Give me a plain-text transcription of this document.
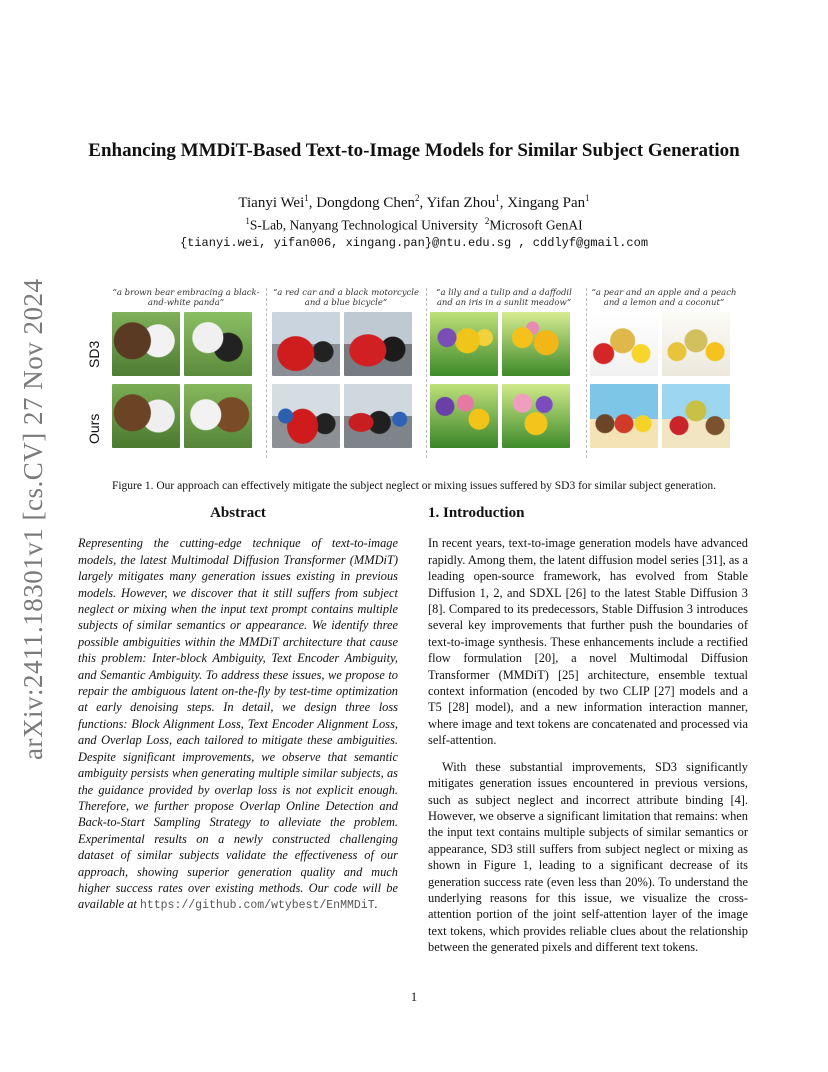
arXiv:2411.18301v1 [cs.CV] 27 Nov 2024
Enhancing MMDiT-Based Text-to-Image Models for Similar Subject Generation
Tianyi Wei$^1$, Dongdong Chen$^2$, Yifan Zhou$^1$, Xingang Pan$^1$
$^1$S-Lab, Nanyang Technological University $^2$Microsoft GenAI
{tianyi.wei, yifan006, xingang.pan}@ntu.edu.sg , cddlyf@gmail.com
SD3
Ours
“a brown bear embracing a black-and-white panda”
“a red car and a black motorcycle and a blue bicycle”
“a lily and a tulip and a daffodil and an iris in a sunlit meadow”
“a pear and an apple and a peach and a lemon and a coconut”
Figure 1. Our approach can effectively mitigate the subject neglect or mixing issues suffered by SD3 for similar subject generation.
Abstract

Representing the cutting-edge technique of text-to-image models, the latest Multimodal Diffusion Transformer (MMDiT) largely mitigates many generation issues existing in previous models. However, we discover that it still suffers from subject neglect or mixing when the input text prompt contains multiple subjects of similar semantics or appearance. We identify three possible ambiguities within the MMDiT architecture that cause this problem: Inter-block Ambiguity, Text Encoder Ambiguity, and Semantic Ambiguity. To address these issues, we propose to repair the ambiguous latent on-the-fly by test-time optimization at early denoising steps. In detail, we design three loss functions: Block Alignment Loss, Text Encoder Alignment Loss, and Overlap Loss, each tailored to mitigate these ambiguities. Despite significant improvements, we observe that semantic ambiguity persists when generating multiple similar subjects, as the guidance provided by overlap loss is not explicit enough. Therefore, we further propose Overlap Online Detection and Back-to-Start Sampling Strategy to alleviate the problem. Experimental results on a newly constructed challenging dataset of similar subjects validate the effectiveness of our approach, showing superior generation quality and much higher success rates over existing methods. Our code will be available at https://github.com/wtybest/EnMMDiT.

1. Introduction

In recent years, text-to-image generation models have advanced rapidly. Among them, the latent diffusion model series [31], as a leading open-source framework, has evolved from Stable Diffusion 1, 2, and SDXL [26] to the latest Stable Diffusion 3 [8]. Compared to its predecessors, Stable Diffusion 3 introduces several key improvements that further push the boundaries of text-to-image synthesis. These enhancements include a rectified flow formulation [20], a novel Multimodal Diffusion Transformer (MMDiT) [25] architecture, ensemble textual context information (encoded by two CLIP [27] models and a T5 [28] model), and a new information interaction manner, where image and text tokens are concatenated and processed via self-attention.

With these substantial improvements, SD3 significantly mitigates generation issues encountered in previous versions, such as subject neglect and incorrect attribute binding [4]. However, we observe a significant limitation that remains: when the input text contains multiple subjects of similar semantics or appearance, SD3 still suffers from subject neglect or mixing as shown in Figure 1, leading to a significant decrease of its generation success rate (even less than 20%). To understand the underlying reasons for this issue, we visualize the cross-attention portion of the joint self-attention layer of the image text tokens, which provides reliable clues about the relationship between the generated pixels and different text tokens.

1
